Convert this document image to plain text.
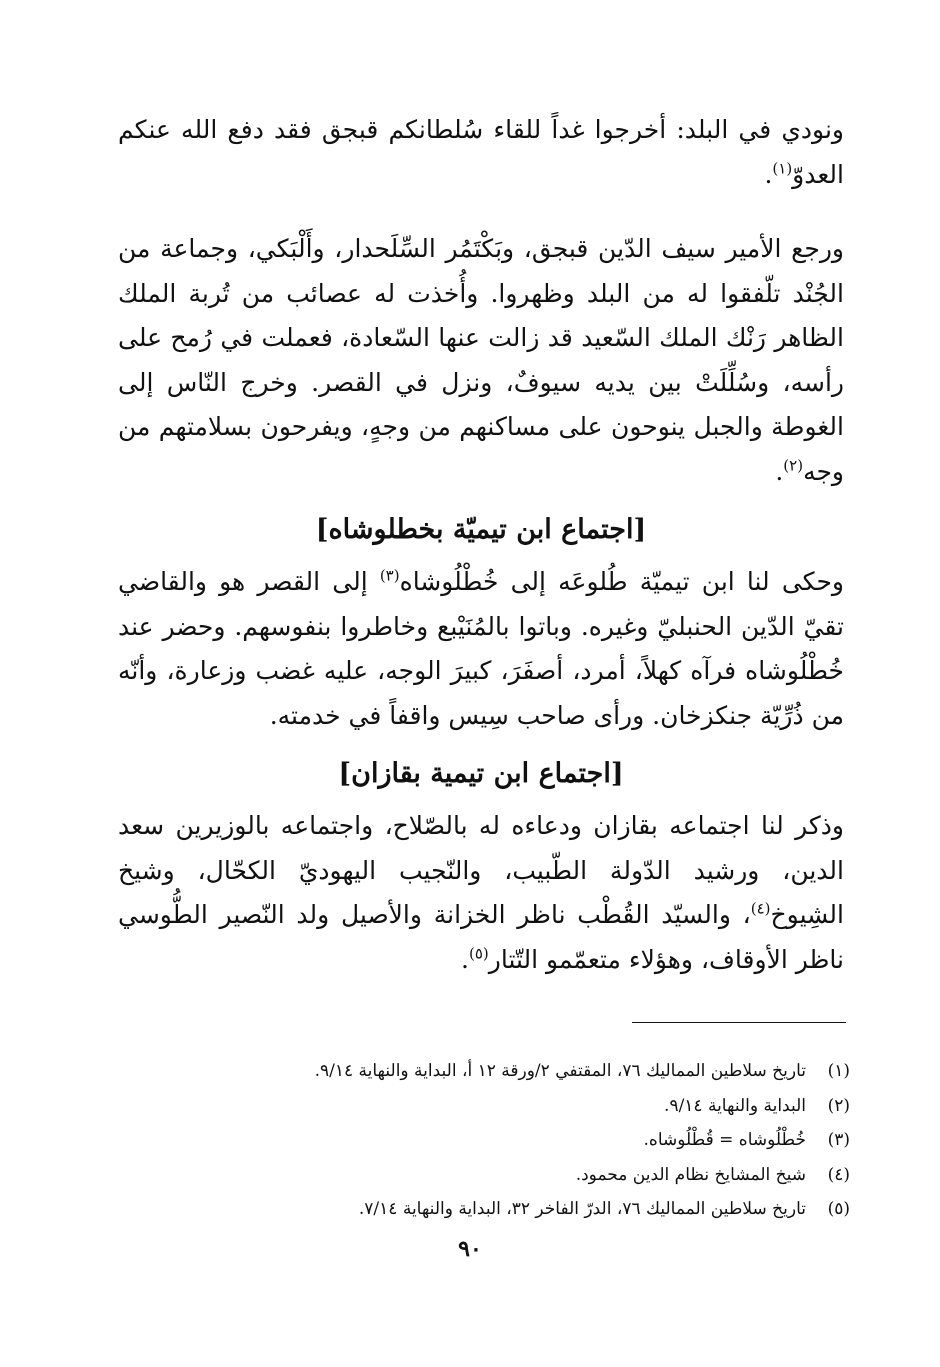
ونودي في البلد: أخرجوا غداً للقاء سُلطانكم قبجق فقد دفع الله عنكم العدوّ$^{(١)}$.

ورجع الأمير سيف الدّين قبجق، وبَكْتَمُر السِّلَحدار، وأَلْبَكي، وجماعة من الجُنْد تلّفقوا له من البلد وظهروا. وأُخذت له عصائب من تُربة الملك الظاهر رَنْك الملك السّعيد قد زالت عنها السّعادة، فعملت في رُمح على رأسه، وسُلِّلَتْ بين يديه سيوفٌ، ونزل في القصر. وخرج النّاس إلى الغوطة والجبل ينوحون على مساكنهم من وجهٍ، ويفرحون بسلامتهم من وجه$^{(٢)}$.

[اجتماع ابن تيميّة بخطلوشاه]

وحكى لنا ابن تيميّة طُلوعَه إلى خُطْلُوشاه$^{(٣)}$ إلى القصر هو والقاضي تقيّ الدّين الحنبليّ وغيره. وباتوا بالمُنَيْبع وخاطروا بنفوسهم. وحضر عند خُطْلُوشاه فرآه كهلاً، أمرد، أصفَرَ، كبيرَ الوجه، عليه غضب وزعارة، وأنّه من ذُرِّيّة جنكزخان. ورأى صاحب سِيس واقفاً في خدمته.

[اجتماع ابن تيمية بقازان]

وذكر لنا اجتماعه بقازان ودعاءه له بالصّلاح، واجتماعه بالوزيرين سعد الدين، ورشيد الدّولة الطّبيب، والنّجيب اليهوديّ الكحّال، وشيخ الشِيوخ$^{(٤)}$، والسيّد القُطْب ناظر الخزانة والأصيل ولد النّصير الطُّوسي ناظر الأوقاف، وهؤلاء متعمّمو التّتار$^{(٥)}$.

(١)
تاريخ سلاطين المماليك ٧٦، المقتفي ٢/ورقة ١٢ أ، البداية والنهاية ٩/١٤.
(٢)
البداية والنهاية ٩/١٤.
(٣)
خُطْلُوشاه = قُطْلُوشاه.
(٤)
شيخ المشايخ نظام الدين محمود.
(٥)
تاريخ سلاطين المماليك ٧٦، الدرّ الفاخر ٣٢، البداية والنهاية ٧/١٤.
٩٠
